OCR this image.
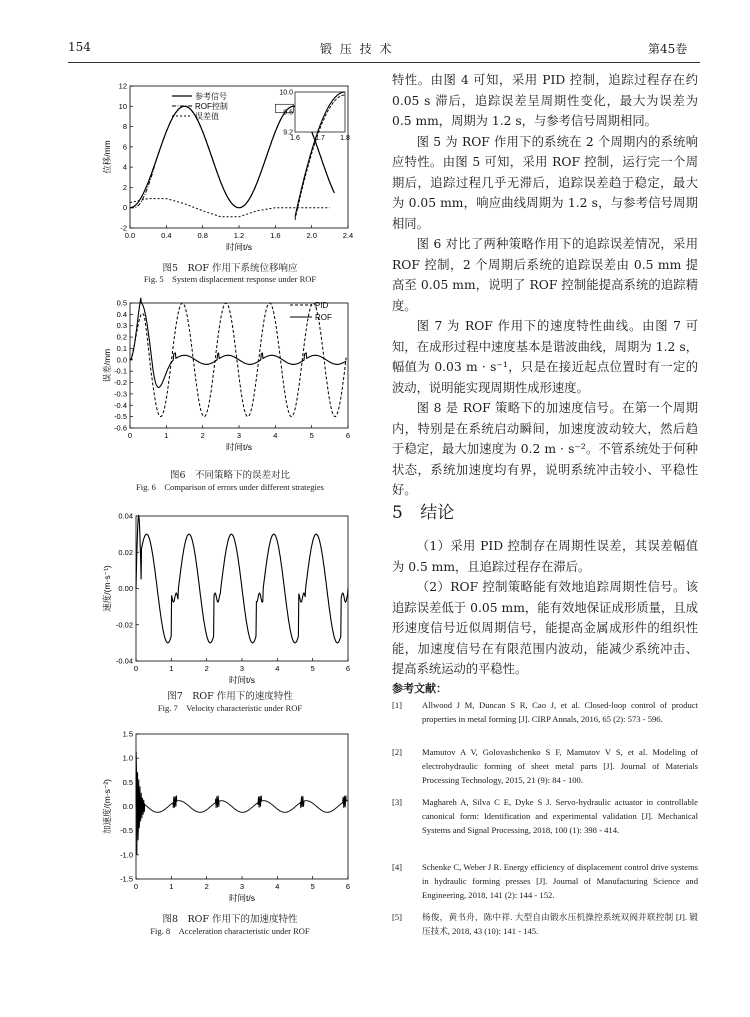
154	锻 压 技 术	第45卷
0.0	0.4	0.8	1.2	1.6	2.0	2.4
-2
0
2
4
6
8
10
12
时间t/s
位移/mm
参考信号
ROF控制
误差值
1.6 1.7 1.8
9.2
9.6
10.0
图5　ROF 作用下系统位移响应
Fig. 5　System displacement response under ROF
0	1	2	3	4	5	6
-0.6
-0.5
-0.4
-0.3
-0.2
-0.1
0.0
0.1
0.2
0.3
0.4
0.5
时间t/s
误差/mm
PID
ROF
图6　不同策略下的误差对比
Fig. 6　Comparison of errors under different strategies
0	1	2	3	4	5	6
-0.04
-0.02
0.00
0.02
0.04
时间t/s
速度/(m·s⁻¹)
图7　ROF 作用下的速度特性
Fig. 7　Velocity characteristic under ROF
0	1	2	3	4	5	6
-1.5
-1.0
-0.5
0.0
0.5
1.0
1.5
时间t/s
加速度/(m·s⁻²)
图8　ROF 作用下的加速度特性
Fig. 8　Acceleration characteristic under ROF

特性。由图 4 可知，采用 PID 控制，追踪过程存在约 0.05 s 滞后，追踪误差呈周期性变化，最大为误差为 0.5 mm，周期为 1.2 s，与参考信号周期相同。

图 5 为 ROF 作用下的系统在 2 个周期内的系统响应特性。由图 5 可知，采用 ROF 控制，运行完一个周期后，追踪过程几乎无滞后，追踪误差趋于稳定，最大为 0.05 mm，响应曲线周期为 1.2 s，与参考信号周期相同。

图 6 对比了两种策略作用下的追踪误差情况，采用 ROF 控制，2 个周期后系统的追踪误差由 0.5 mm 提高至 0.05 mm，说明了 ROF 控制能提高系统的追踪精度。

图 7 为 ROF 作用下的速度特性曲线。由图 7 可知，在成形过程中速度基本是谐波曲线，周期为 1.2 s，幅值为 0.03 m · s⁻¹，只是在接近起点位置时有一定的波动，说明能实现周期性成形速度。

图 8 是 ROF 策略下的加速度信号。在第一个周期内，特别是在系统启动瞬间，加速度波动较大，然后趋于稳定，最大加速度为 0.2 m · s⁻²。不管系统处于何种状态，系统加速度均有界，说明系统冲击较小、平稳性好。

5 结论

（1）采用 PID 控制存在周期性误差，其误差幅值为 0.5 mm，且追踪过程存在滞后。

（2）ROF 控制策略能有效地追踪周期性信号。该追踪误差低于 0.05 mm，能有效地保证成形质量，且成形速度信号近似周期信号，能提高金属成形件的组织性能，加速度信号在有限范围内波动，能减少系统冲击、提高系统运动的平稳性。

参考文献：
[1] Allwood J M, Duncan S R, Cao J, et al. Closed-loop control of product properties in metal forming [J]. CIRP Annals, 2016, 65 (2): 573 - 596.
[2] Mamutov A V, Golovashchenko S F, Mamutov V S, et al. Modeling of electrohydraulic forming of sheet metal parts [J]. Journal of Materials Processing Technology, 2015, 21 (9): 84 - 100.
[3] Maghareh A, Silva C E, Dyke S J. Servo-hydraulic actuator in controllable canonical form: Identification and experimental validation [J]. Mechanical Systems and Signal Processing, 2018, 100 (1): 398 - 414.
[4] Schenke C, Weber J R. Energy efficiency of displacement control drive systems in hydraulic forming presses [J]. Journal of Manufacturing Science and Engineering, 2018, 141 (2): 144 - 152.
[5] 杨俊，黄书舟，陈中祥. 大型自由锻水压机操控系统双阀并联控制 [J]. 锻压技术, 2018, 43 (10): 141 - 145.
